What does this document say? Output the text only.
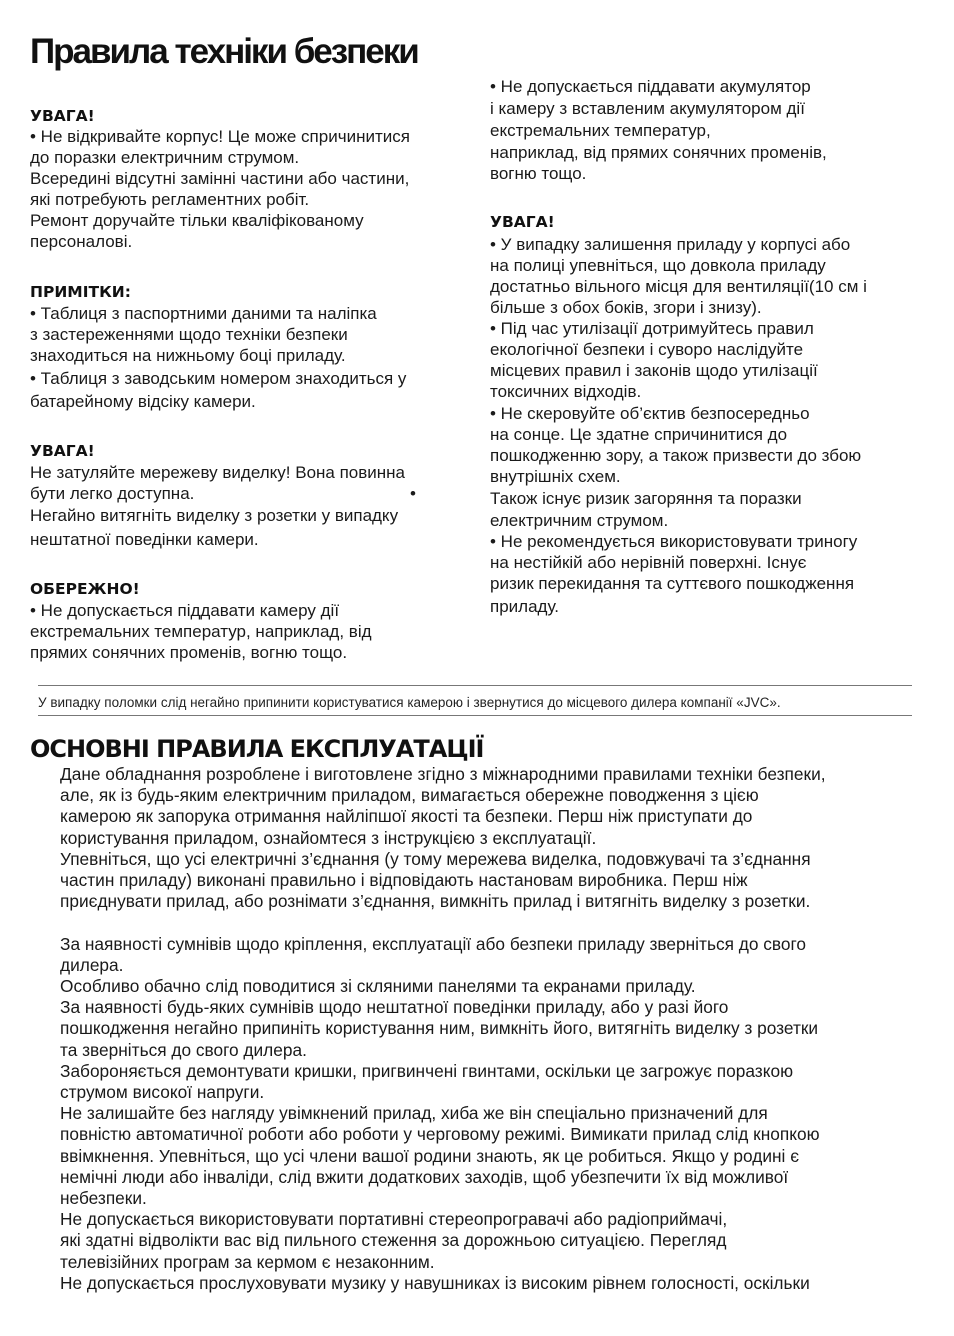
Правила техніки безпеки

УВАГА!

• Не відкривайте корпус! Це може спричинитися

до поразки електричним струмом.

Всередині відсутні замінні частини або частини,

які потребують регламентних робіт.

Ремонт доручайте тільки кваліфікованому

персоналові.

ПРИМІТКИ:

• Таблиця з паспортними даними та наліпка

з застереженнями щодо техніки безпеки

знаходиться на нижньому боці приладу.

• Таблиця з заводським номером знаходиться у

батарейному відсіку камери.

УВАГА!

Не затуляйте мережеву виделку! Вона повинна

бути легко доступна.	•

Негайно витягніть виделку з розетки у випадку

нештатної поведінки камери.

ОБЕРЕЖНО!

• Не допускається піддавати камеру дії

екстремальних температур, наприклад, від

прямих сонячних променів, вогню тощо.

• Не допускається піддавати акумулятор

і камеру з вставленим акумулятором дії

екстремальних температур,

наприклад, від прямих сонячних променів,

вогню тощо.

УВАГА!

• У випадку залишення приладу у корпусі або

на полиці упевніться, що довкола приладу

достатньо вільного місця для вентиляції(10 см і

більше з обох боків, згори і знизу).

• Під час утилізації дотримуйтесь правил

екологічної безпеки і суворо наслідуйте

місцевих правил і законів щодо утилізації

токсичних відходів.

• Не скеровуйте об’єктив безпосередньо

на сонце. Це здатне спричинитися до

пошкодженню зору, а також призвести до збою

внутрішніх схем.

Також існує ризик загоряння та поразки

електричним струмом.

• Не рекомендується використовувати триногу

на нестійкій або нерівній поверхні. Існує

ризик перекидання та суттєвого пошкодження

приладу.

У випадку поломки слід негайно припинити користуватися камерою і звернутися до місцевого дилера компанії «JVC».

ОСНОВНІ ПРАВИЛА ЕКСПЛУАТАЦІЇ

Дане обладнання розроблене і виготовлене згідно з міжнародними правилами техніки безпеки,

але, як із будь-яким електричним приладом, вимагається обережне поводження з цією

камерою як запорука отримання найліпшої якості та безпеки. Перш ніж приступати до

користування приладом, ознайомтеся з інструкцією з експлуатації.

Упевніться, що усі електричні з’єднання (у тому мережева виделка, подовжувачі та з’єднання

частин приладу) виконані правильно і відповідають настановам виробника. Перш ніж

приєднувати прилад, або рознімати з’єднання, вимкніть прилад і витягніть виделку з розетки.

За наявності сумнівів щодо кріплення, експлуатації або безпеки приладу зверніться до свого

дилера.

Особливо обачно слід поводитися зі скляними панелями та екранами приладу.

За наявності будь-яких сумнівів щодо нештатної поведінки приладу, або у разі його

пошкодження негайно припиніть користування ним, вимкніть його, витягніть виделку з розетки

та зверніться до свого дилера.

Забороняється демонтувати кришки, пригвинчені гвинтами, оскільки це загрожує поразкою

струмом високої напруги.

Не залишайте без нагляду увімкнений прилад, хиба же він спеціально призначений для

повністю автоматичної роботи або роботи у черговому режимі. Вимикати прилад слід кнопкою

ввімкнення. Упевніться, що усі члени вашої родини знають, як це робиться. Якщо у родині є

немічні люди або інваліди, слід вжити додаткових заходів, щоб убезпечити їх від можливої

небезпеки.

Не допускається використовувати портативні стереопрогравачі або радіоприймачі,

які здатні відволікти вас від пильного стеження за дорожньою ситуацією. Перегляд

телевізійних програм за кермом є незаконним.

Не допускається прослуховувати музику у навушниках із високим рівнем голосності, оскільки
